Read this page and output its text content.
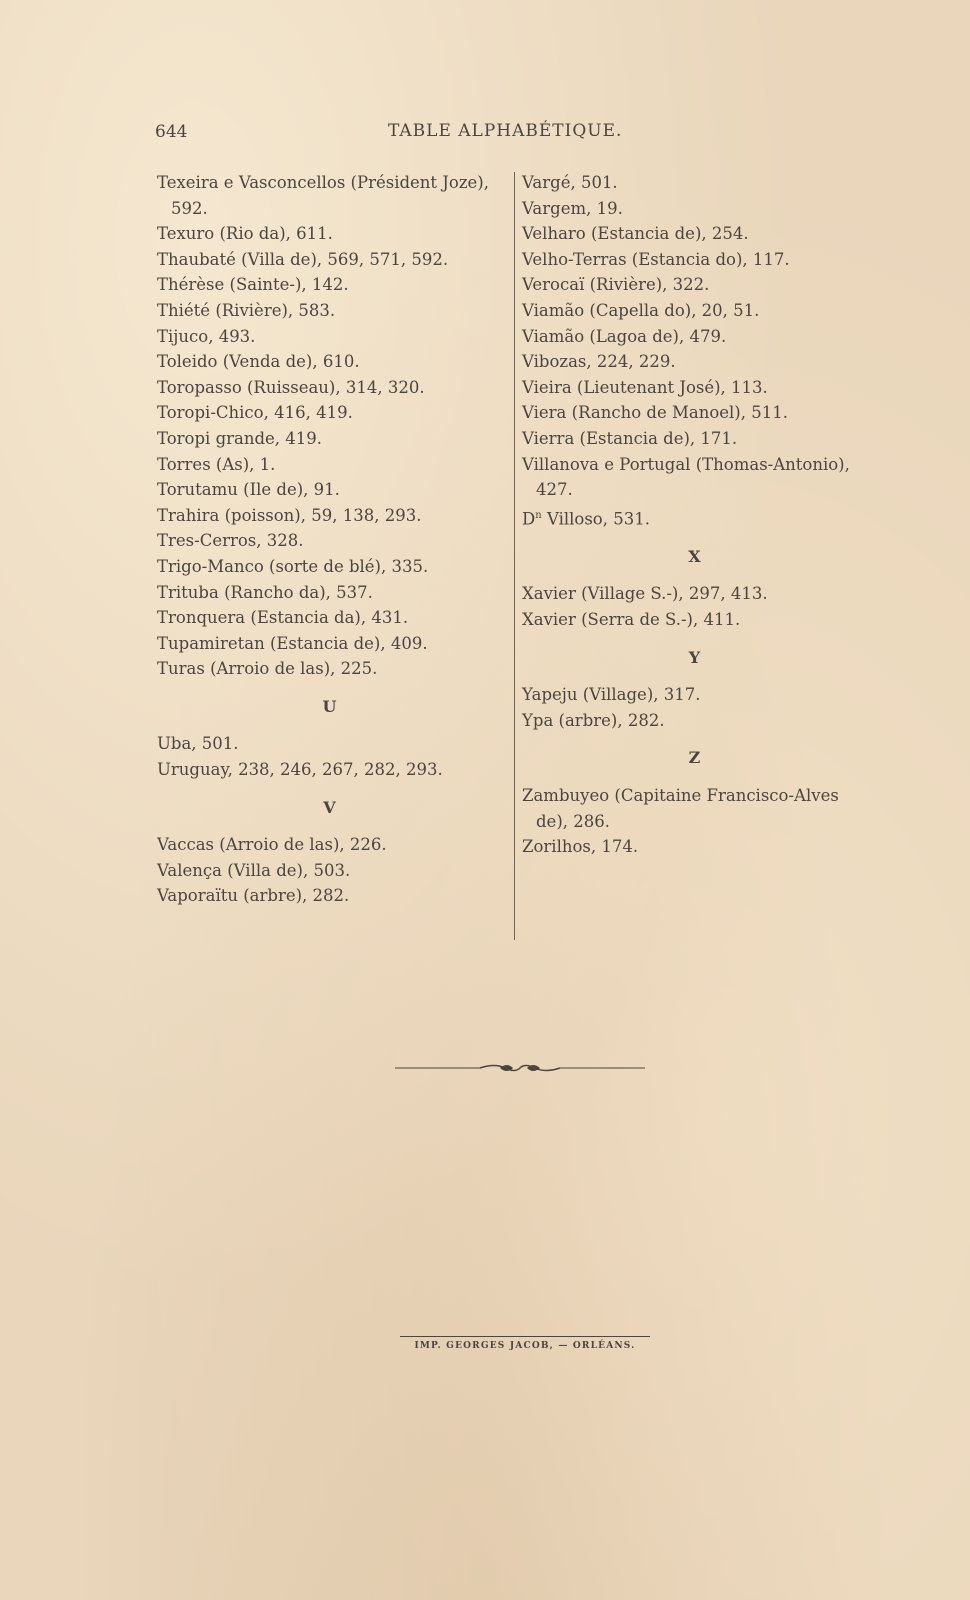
644	TABLE ALPHABÉTIQUE.
Texeira e Vasconcellos (Président Joze), 592.
Texuro (Rio da), 611.
Thaubaté (Villa de), 569, 571, 592.
Thérèse (Sainte-), 142.
Thiété (Rivière), 583.
Tijuco, 493.
Toleido (Venda de), 610.
Toropasso (Ruisseau), 314, 320.
Toropi-Chico, 416, 419.
Toropi grande, 419.
Torres (As), 1.
Torutamu (Ile de), 91.
Trahira (poisson), 59, 138, 293.
Tres-Cerros, 328.
Trigo-Manco (sorte de blé), 335.
Trituba (Rancho da), 537.
Tronquera (Estancia da), 431.
Tupamiretan (Estancia de), 409.
Turas (Arroio de las), 225.
U
Uba, 501.
Uruguay, 238, 246, 267, 282, 293.
V
Vaccas (Arroio de las), 226.
Valença (Villa de), 503.
Vaporaïtu (arbre), 282.
Vargé, 501.
Vargem, 19.
Velharo (Estancia de), 254.
Velho-Terras (Estancia do), 117.
Verocaï (Rivière), 322.
Viamão (Capella do), 20, 51.
Viamão (Lagoa de), 479.
Vibozas, 224, 229.
Vieira (Lieutenant José), 113.
Viera (Rancho de Manoel), 511.
Vierra (Estancia de), 171.
Villanova e Portugal (Thomas-Antonio), 427.
$D^n$ Villoso, 531.
X
Xavier (Village S.-), 297, 413.
Xavier (Serra de S.-), 411.
Y
Yapeju (Village), 317.
Ypa (arbre), 282.
Z
Zambuyeo (Capitaine Francisco-Alves de), 286.
Zorilhos, 174.
IMP. GEORGES JACOB, — ORLÉANS.
